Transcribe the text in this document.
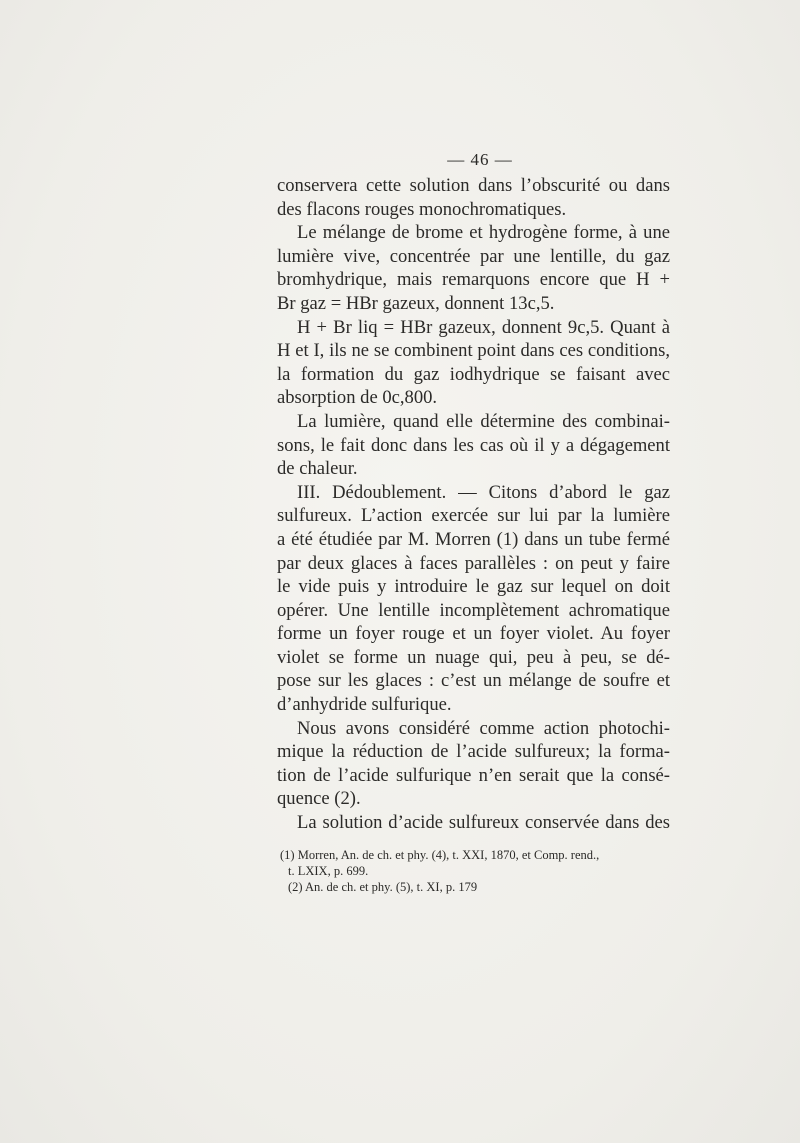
— 46 —

conservera cette solution dans l’obscurité ou dans
des flacons rouges monochromatiques.

Le mélange de brome et hydrogène forme, à une
lumière vive, concentrée par une lentille, du gaz
bromhydrique, mais remarquons encore que H +
Br gaz = HBr gazeux, donnent 13c,5.

H + Br liq = HBr gazeux, donnent 9c,5. Quant à
H et I, ils ne se combinent point dans ces conditions,
la formation du gaz iodhydrique se faisant avec
absorption de 0c,800.

La lumière, quand elle détermine des combinai-
sons, le fait donc dans les cas où il y a dégagement
de chaleur.

III. Dédoublement. — Citons d’abord le gaz
sulfureux. L’action exercée sur lui par la lumière
a été étudiée par M. Morren (1) dans un tube fermé
par deux glaces à faces parallèles : on peut y faire
le vide puis y introduire le gaz sur lequel on doit
opérer. Une lentille incomplètement achromatique
forme un foyer rouge et un foyer violet. Au foyer
violet se forme un nuage qui, peu à peu, se dé-
pose sur les glaces : c’est un mélange de soufre et
d’anhydride sulfurique.

Nous avons considéré comme action photochi-
mique la réduction de l’acide sulfureux; la forma-
tion de l’acide sulfurique n’en serait que la consé-
quence (2).

La solution d’acide sulfureux conservée dans des

(1) Morren, An. de ch. et phy. (4), t. XXI, 1870, et Comp. rend.,
t. LXIX, p. 699.
(2) An. de ch. et phy. (5), t. XI, p. 179
